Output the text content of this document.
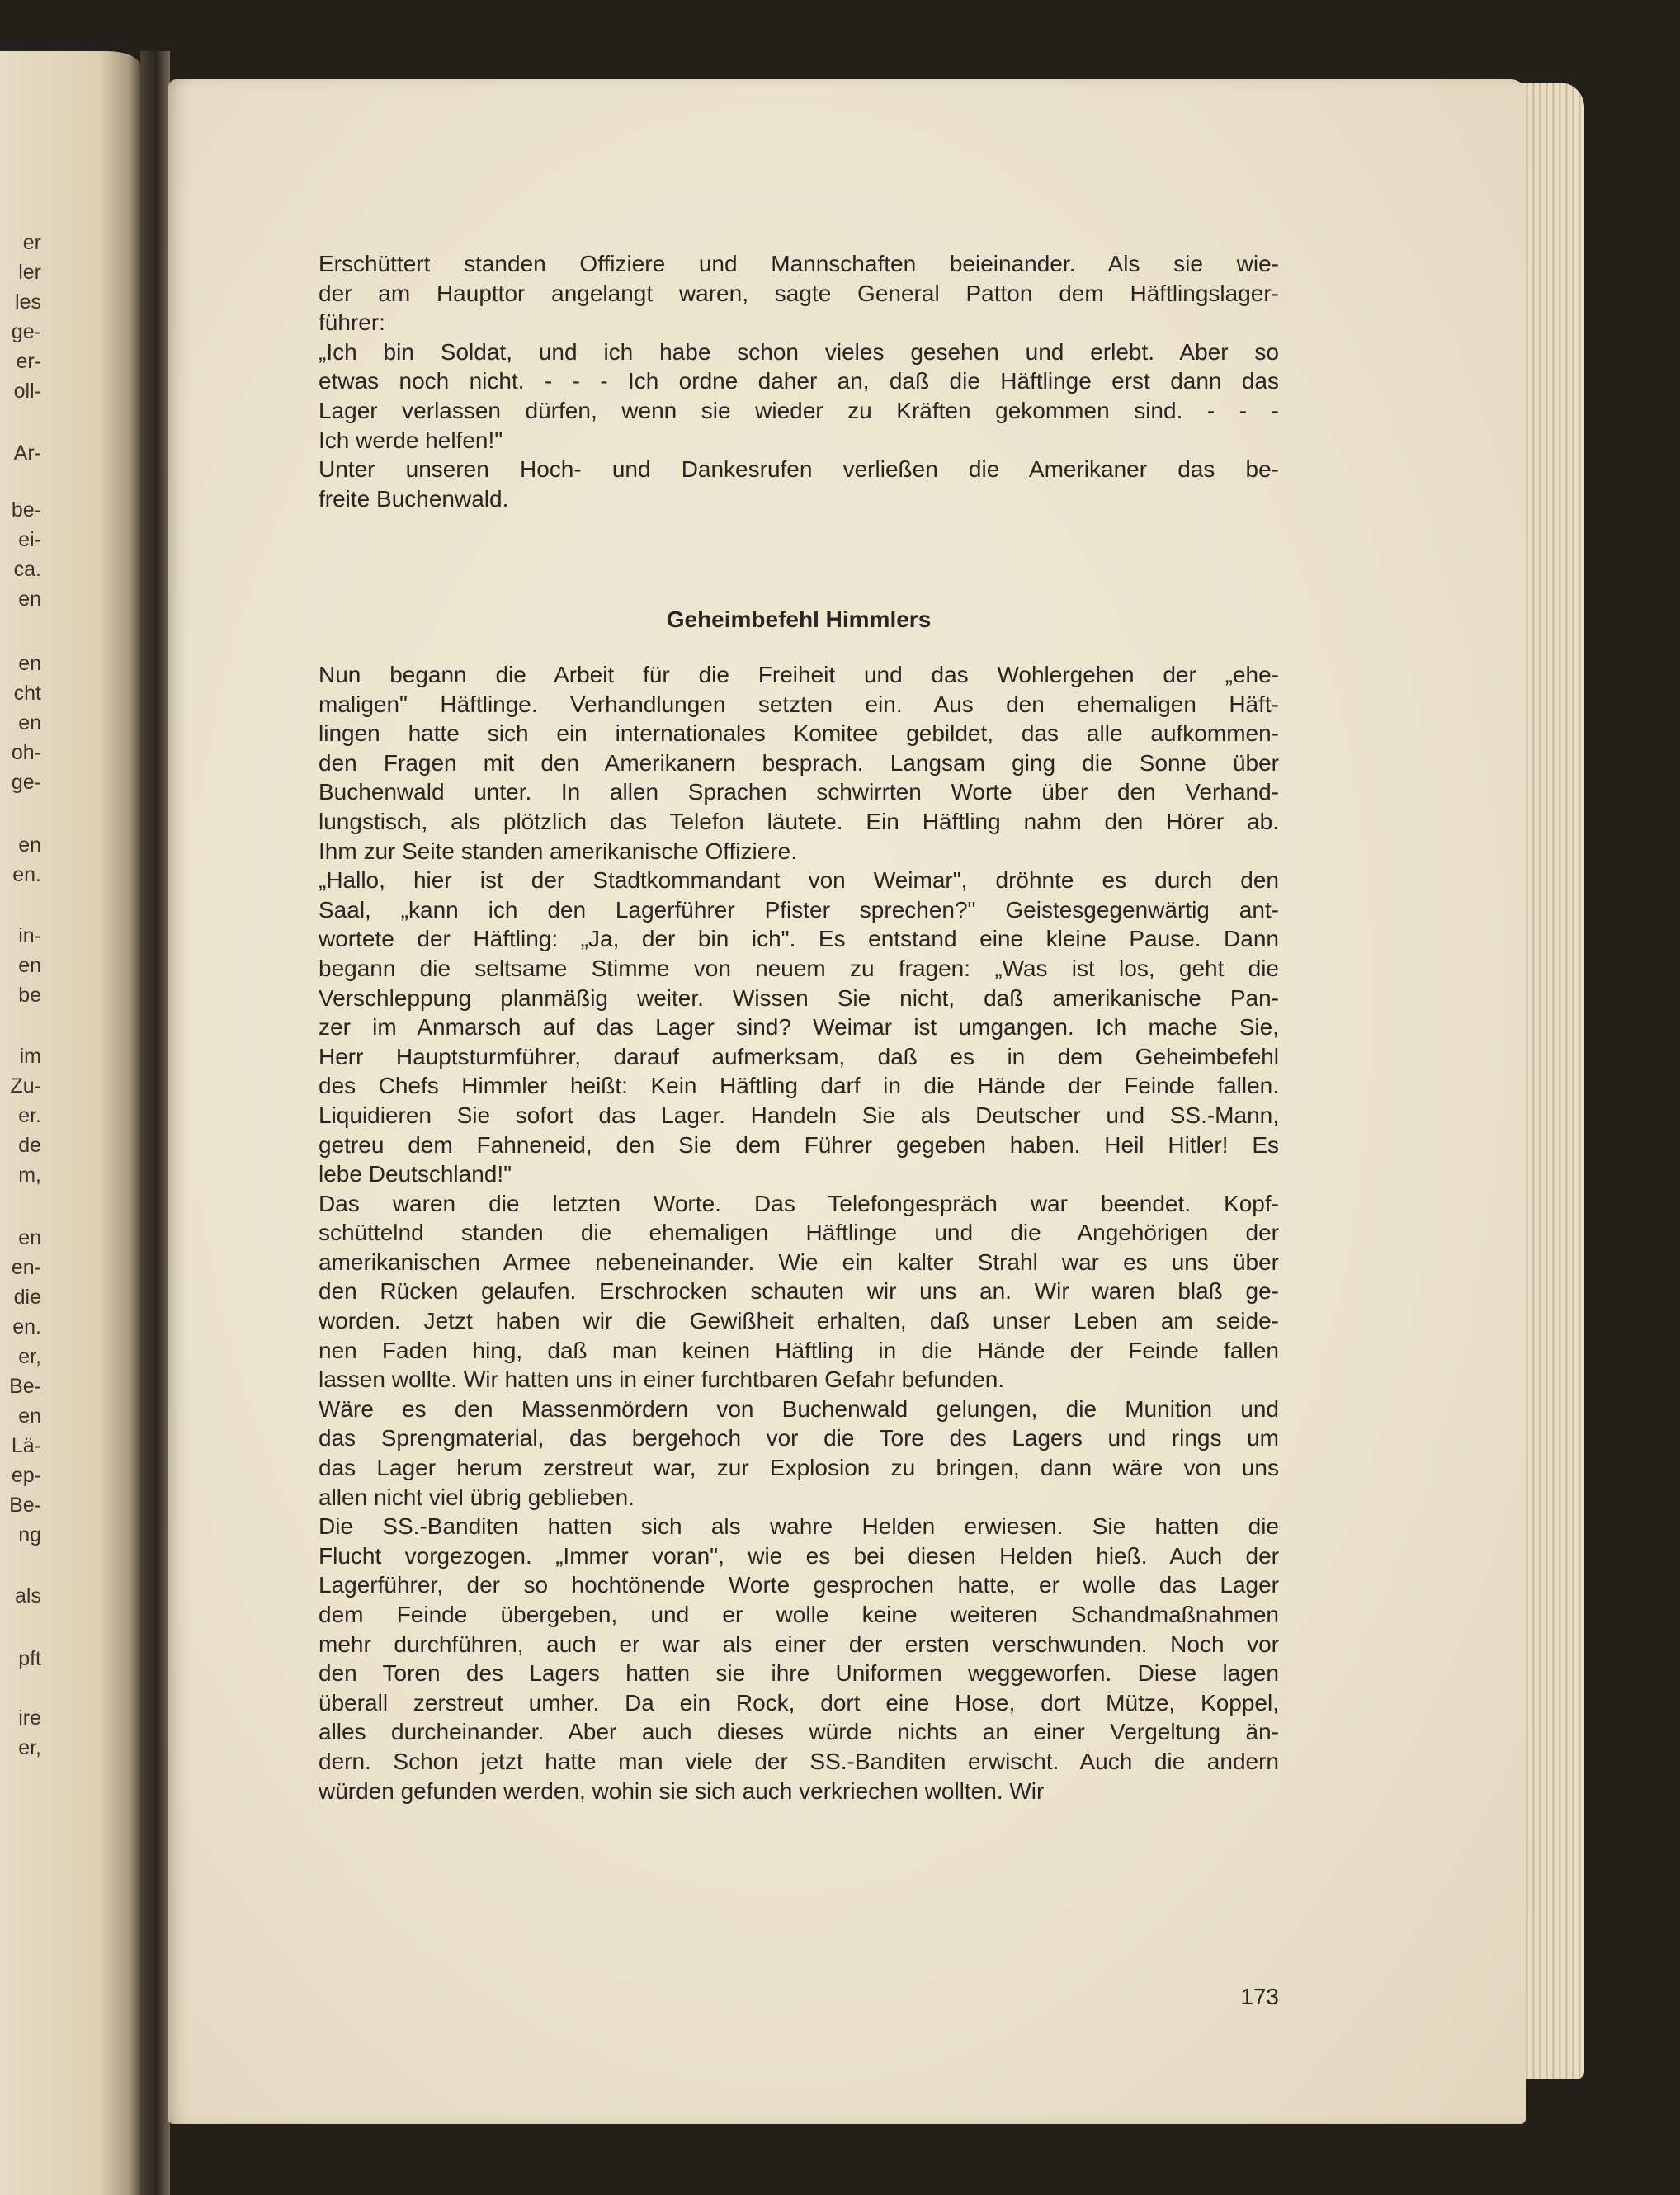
er
ler
les
ge-
er-
oll-
Ar-
be-
ei-
ca.
en
en
cht
en
oh-
ge-
en
en.
in-
en
be
im
Zu-
er.
de
m,
en
en-
die
en.
er,
Be-
en
Lä-
ep-
Be-
ng
als
pft
ire
er,

Erschüttert standen Offiziere und Mannschaften beieinander. Als sie wie-
der am Haupttor angelangt waren, sagte General Patton dem Häftlingslager-
führer:

„Ich bin Soldat, und ich habe schon vieles gesehen und erlebt. Aber so
etwas noch nicht. - - - Ich ordne daher an, daß die Häftlinge erst dann das
Lager verlassen dürfen, wenn sie wieder zu Kräften gekommen sind. - - -
Ich werde helfen!"

Unter unseren Hoch- und Dankesrufen verließen die Amerikaner das be-
freite Buchenwald.

Geheimbefehl Himmlers

Nun begann die Arbeit für die Freiheit und das Wohlergehen der „ehe-
maligen" Häftlinge. Verhandlungen setzten ein. Aus den ehemaligen Häft-
lingen hatte sich ein internationales Komitee gebildet, das alle aufkommen-
den Fragen mit den Amerikanern besprach. Langsam ging die Sonne über
Buchenwald unter. In allen Sprachen schwirrten Worte über den Verhand-
lungstisch, als plötzlich das Telefon läutete. Ein Häftling nahm den Hörer ab.
Ihm zur Seite standen amerikanische Offiziere.

„Hallo, hier ist der Stadtkommandant von Weimar", dröhnte es durch den
Saal, „kann ich den Lagerführer Pfister sprechen?" Geistesgegenwärtig ant-
wortete der Häftling: „Ja, der bin ich". Es entstand eine kleine Pause. Dann
begann die seltsame Stimme von neuem zu fragen: „Was ist los, geht die
Verschleppung planmäßig weiter. Wissen Sie nicht, daß amerikanische Pan-
zer im Anmarsch auf das Lager sind? Weimar ist umgangen. Ich mache Sie,
Herr Hauptsturmführer, darauf aufmerksam, daß es in dem Geheimbefehl
des Chefs Himmler heißt: Kein Häftling darf in die Hände der Feinde fallen.
Liquidieren Sie sofort das Lager. Handeln Sie als Deutscher und SS.-Mann,
getreu dem Fahneneid, den Sie dem Führer gegeben haben. Heil Hitler! Es
lebe Deutschland!"

Das waren die letzten Worte. Das Telefongespräch war beendet. Kopf-
schüttelnd standen die ehemaligen Häftlinge und die Angehörigen der
amerikanischen Armee nebeneinander. Wie ein kalter Strahl war es uns über
den Rücken gelaufen. Erschrocken schauten wir uns an. Wir waren blaß ge-
worden. Jetzt haben wir die Gewißheit erhalten, daß unser Leben am seide-
nen Faden hing, daß man keinen Häftling in die Hände der Feinde fallen
lassen wollte. Wir hatten uns in einer furchtbaren Gefahr befunden.

Wäre es den Massenmördern von Buchenwald gelungen, die Munition und
das Sprengmaterial, das bergehoch vor die Tore des Lagers und rings um
das Lager herum zerstreut war, zur Explosion zu bringen, dann wäre von uns
allen nicht viel übrig geblieben.

Die SS.-Banditen hatten sich als wahre Helden erwiesen. Sie hatten die
Flucht vorgezogen. „Immer voran", wie es bei diesen Helden hieß. Auch der
Lagerführer, der so hochtönende Worte gesprochen hatte, er wolle das Lager
dem Feinde übergeben, und er wolle keine weiteren Schandmaßnahmen
mehr durchführen, auch er war als einer der ersten verschwunden. Noch vor
den Toren des Lagers hatten sie ihre Uniformen weggeworfen. Diese lagen
überall zerstreut umher. Da ein Rock, dort eine Hose, dort Mütze, Koppel,
alles durcheinander. Aber auch dieses würde nichts an einer Vergeltung än-
dern. Schon jetzt hatte man viele der SS.-Banditen erwischt. Auch die andern
würden gefunden werden, wohin sie sich auch verkriechen wollten. Wir

173
